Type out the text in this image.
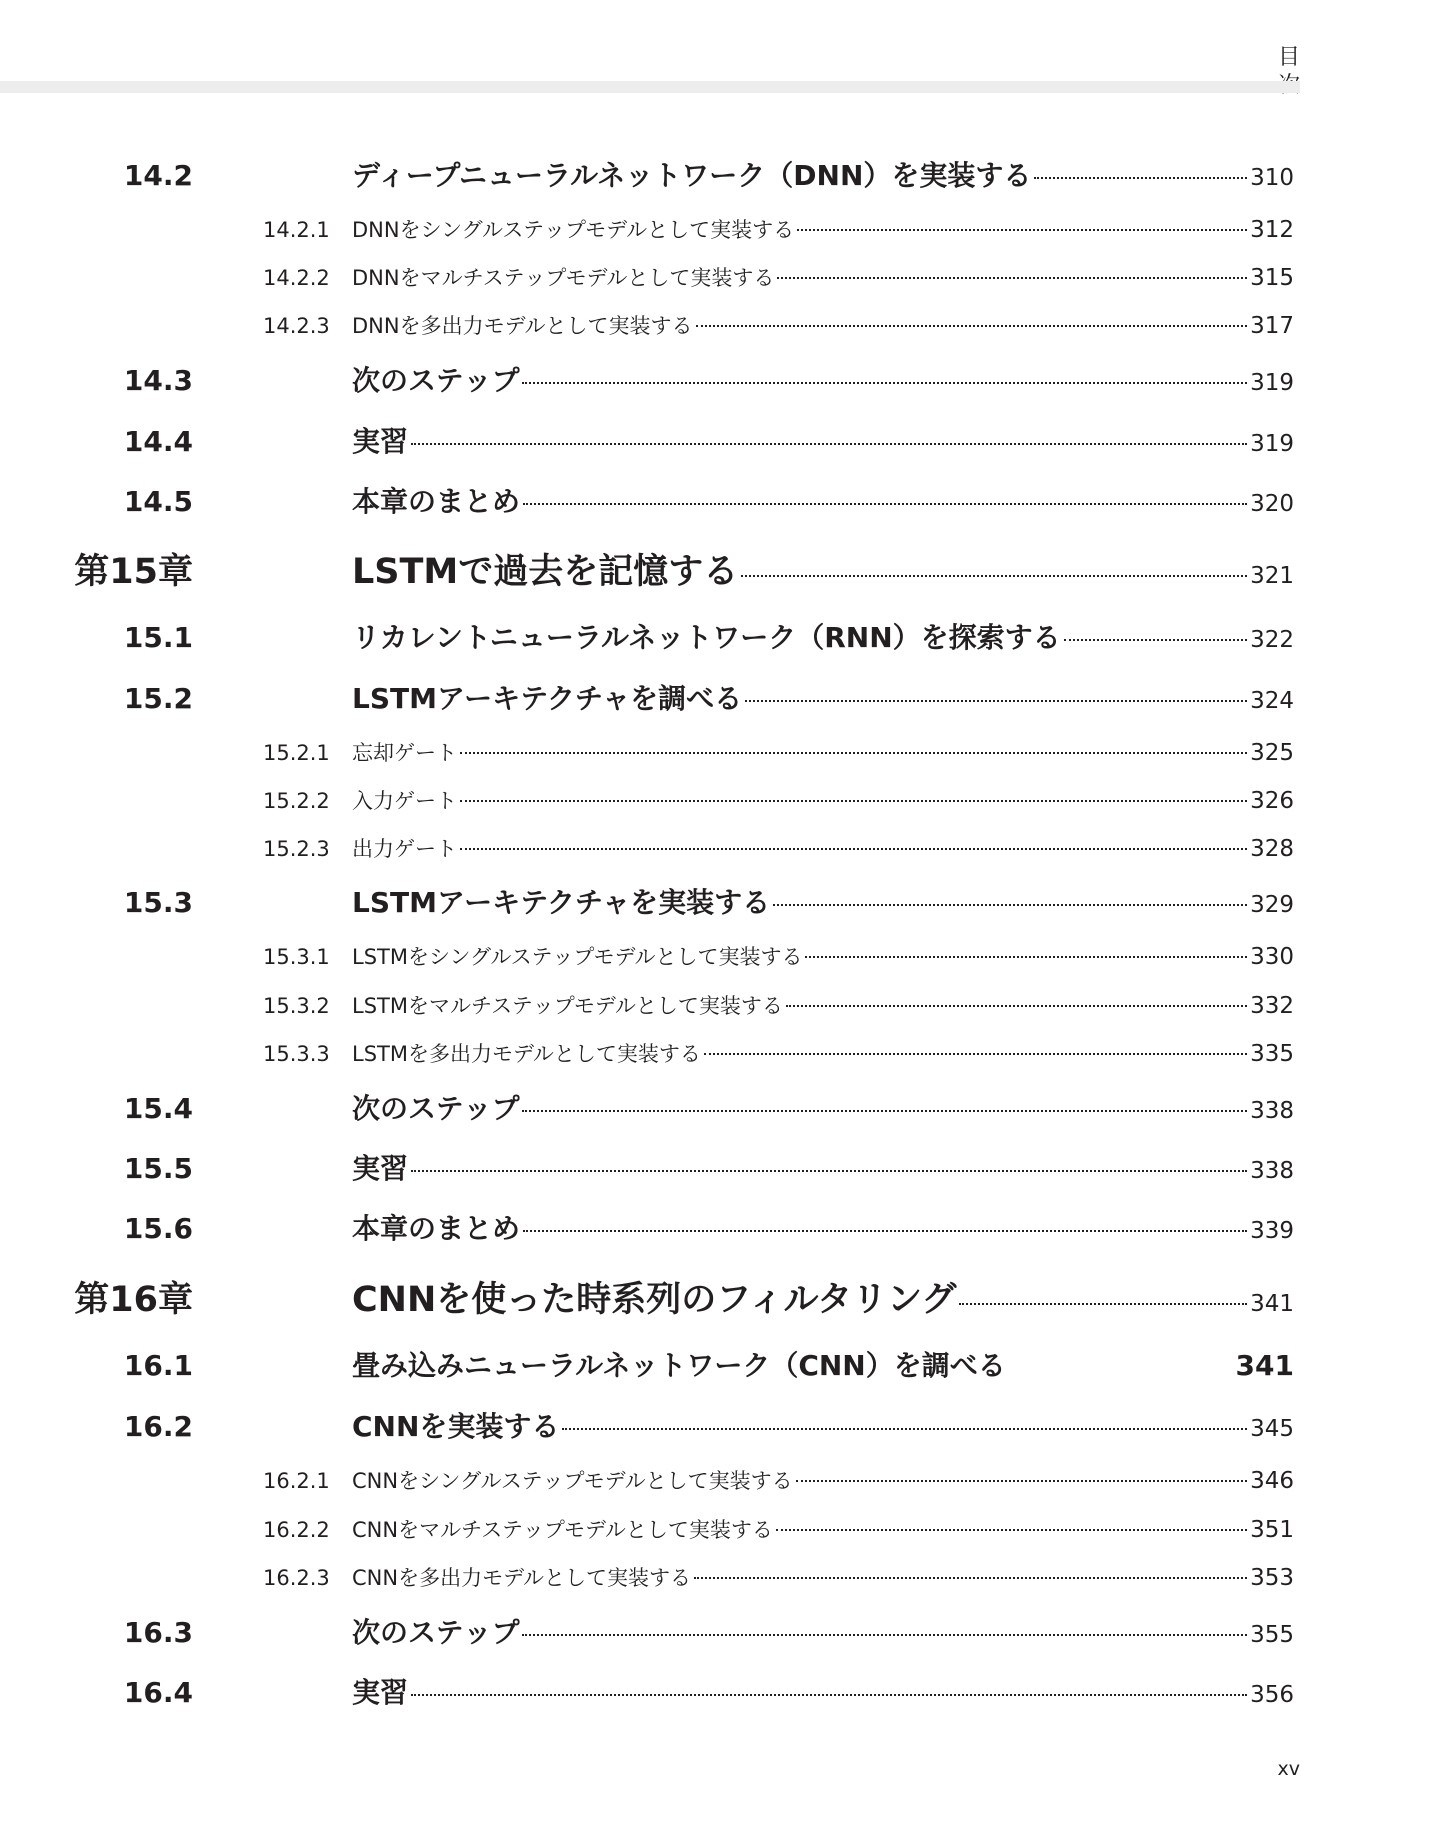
目
14.2	ディープニューラルネットワーク（DNN）を実装する	310
14.2.1 DNNをシングルステップモデルとして実装する	312
14.2.2 DNNをマルチステップモデルとして実装する	315
14.2.3 DNNを多出力モデルとして実装する	317
14.3	次のステップ	319
14.4	実習	319
14.5	本章のまとめ	320
第15章	LSTMで過去を記憶する	321
15.1	リカレントニューラルネットワーク（RNN）を探索する	322
15.2	LSTMアーキテクチャを調べる	324
15.2.1 忘却ゲート	325
15.2.2 入力ゲート	326
15.2.3 出力ゲート	328
15.3	LSTMアーキテクチャを実装する	329
15.3.1 LSTMをシングルステップモデルとして実装する	330
15.3.2 LSTMをマルチステップモデルとして実装する	332
15.3.3 LSTMを多出力モデルとして実装する	335
15.4	次のステップ	338
15.5	実習	338
15.6	本章のまとめ	339
第16章	CNNを使った時系列のフィルタリング	341
16.1	畳み込みニューラルネットワーク（CNN）を調べる	341
16.2	CNNを実装する	345
16.2.1 CNNをシングルステップモデルとして実装する	346
16.2.2 CNNをマルチステップモデルとして実装する	351
16.2.3 CNNを多出力モデルとして実装する	353
16.3	次のステップ	355
16.4	実習	356
xv
